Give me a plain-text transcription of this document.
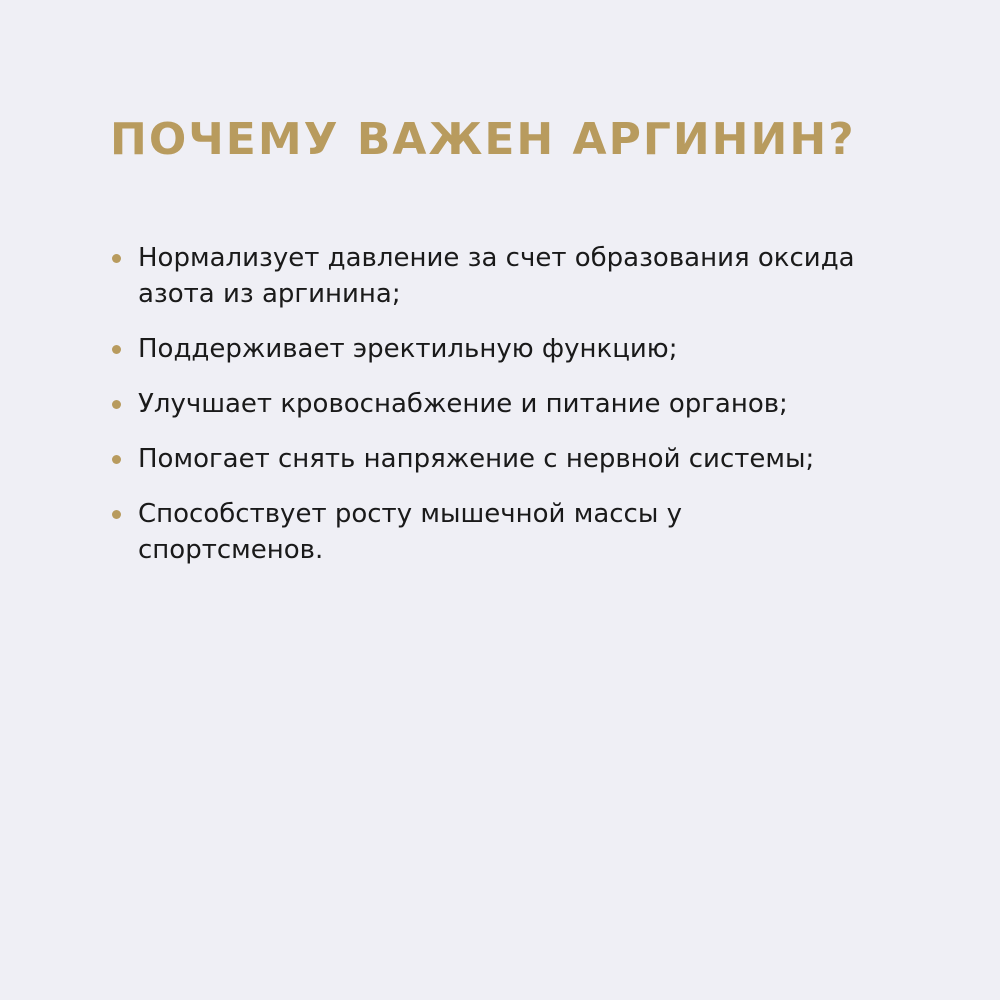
ПОЧЕМУ ВАЖЕН АРГИНИН?
Нормализует давление за счет образования оксида азота из аргинина;
Поддерживает эректильную функцию;
Улучшает кровоснабжение и питание органов;
Помогает снять напряжение с нервной системы;
Способствует росту мышечной массы у спортсменов.
